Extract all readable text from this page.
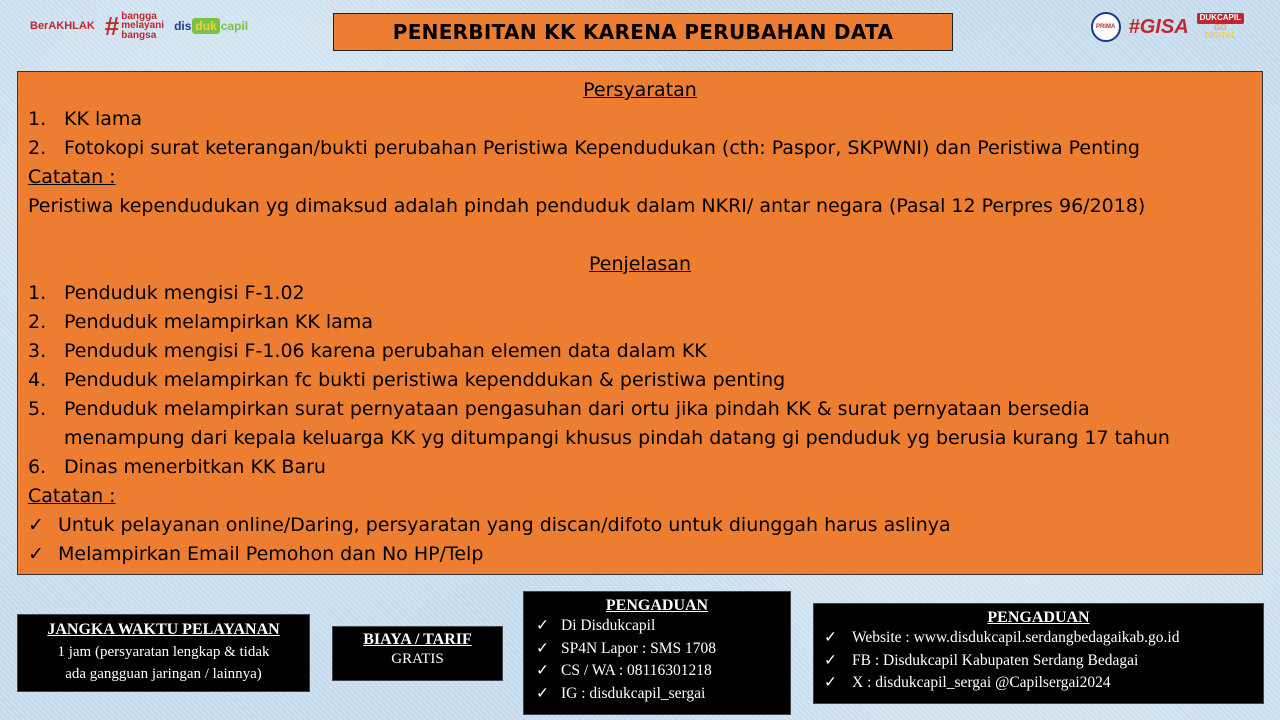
BerAKHLAK # bangga
melayani
bangsa
dis duk capil	PENERBITAN KK KARENA PERUBAHAN DATA	PRIMA #GISA	DUKCAPIL
GO
DIGITAL
Persyaratan
1. KK lama
2. Fotokopi surat keterangan/bukti perubahan Peristiwa Kependudukan (cth: Paspor, SKPWNI) dan Peristiwa Penting
Catatan :
Peristiwa kependudukan yg dimaksud adalah pindah penduduk dalam NKRI/ antar negara (Pasal 12 Perpres 96/2018)
Penjelasan
1. Penduduk mengisi F-1.02
2. Penduduk melampirkan KK lama
3. Penduduk mengisi F-1.06 karena perubahan elemen data dalam KK
4. Penduduk melampirkan fc bukti peristiwa kependdukan & peristiwa penting
5. Penduduk melampirkan surat pernyataan pengasuhan dari ortu jika pindah KK & surat pernyataan bersedia
menampung dari kepala keluarga KK yg ditumpangi khusus pindah datang gi penduduk yg berusia kurang 17 tahun
6. Dinas menerbitkan KK Baru
Catatan :
✓ Untuk pelayanan online/Daring, persyaratan yang discan/difoto untuk diunggah harus aslinya
✓ Melampirkan Email Pemohon dan No HP/Telp
JANGKA WAKTU PELAYANAN
1 jam (persyaratan lengkap & tidak
ada gangguan jaringan / lainnya)
BIAYA / TARIF
GRATIS
PENGADUAN
✓ Di Disdukcapil
✓ SP4N Lapor : SMS 1708
✓ CS / WA : 08116301218
✓ IG : disdukcapil_sergai
PENGADUAN
✓ Website : www.disdukcapil.serdangbedagaikab.go.id
✓ FB : Disdukcapil Kabupaten Serdang Bedagai
✓ X : disdukcapil_sergai @Capilsergai2024
